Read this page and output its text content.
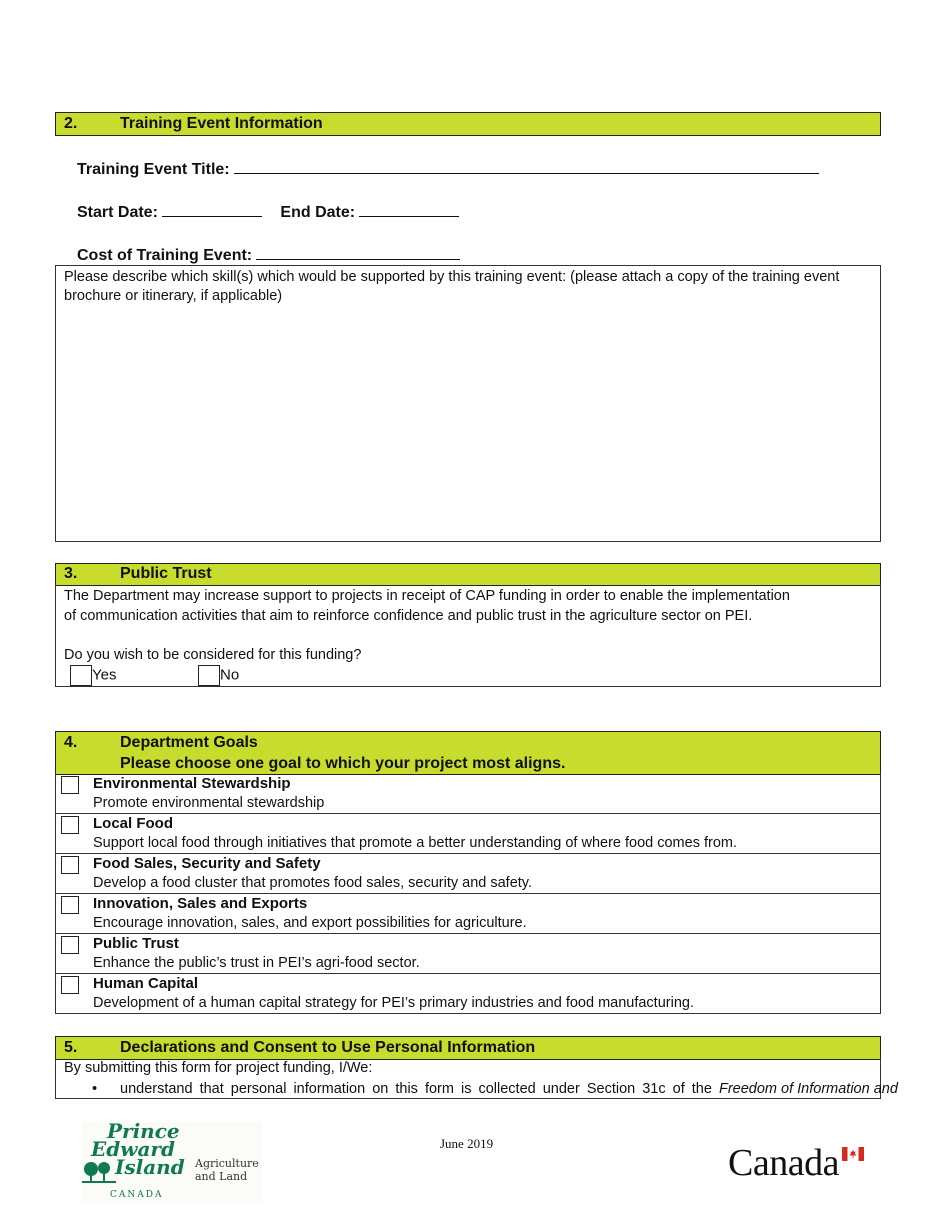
2.	Training Event Information
Training Event Title:
Start Date:	End Date:
Cost of Training Event:
Please describe which skill(s) which would be supported by this training event: (please attach a copy of the training event brochure or itinerary, if applicable)
3.	Public Trust
The Department may increase support to projects in receipt of CAP funding in order to enable the implementation of communication activities that aim to reinforce confidence and public trust in the agriculture sector on PEI.
Do you wish to be considered for this funding?
Yes	No
4.	Department Goals
Please choose one goal to which your project most aligns.
Environmental Stewardship
Promote environmental stewardship
Local Food
Support local food through initiatives that promote a better understanding of where food comes from.
Food Sales, Security and Safety
Develop a food cluster that promotes food sales, security and safety.
Innovation, Sales and Exports
Encourage innovation, sales, and export possibilities for agriculture.
Public Trust
Enhance the public’s trust in PEI’s agri-food sector.
Human Capital
Development of a human capital strategy for PEI’s primary industries and food manufacturing.
5.	Declarations and Consent to Use Personal Information
By submitting this form for project funding, I/We:
• understand that personal information on this form is collected under Section 31c of the Freedom of Information and
Prince
Edward
Island
CANADA
Agriculture
and Land
June 2019	Canada
